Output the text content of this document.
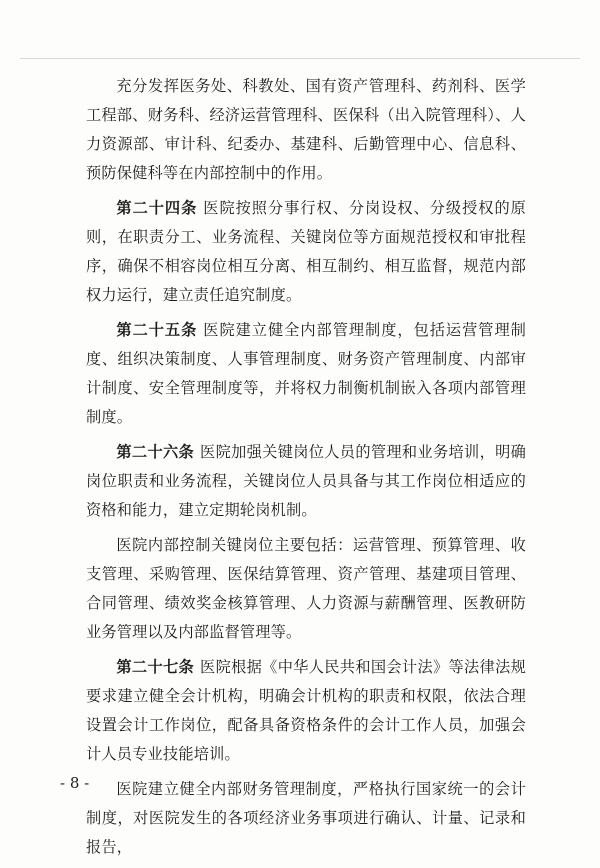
充分发挥医务处、科教处、国有资产管理科、药剂科、医学工程部、财务科、经济运营管理科、医保科（出入院管理科）、人力资源部、审计科、纪委办、基建科、后勤管理中心、信息科、预防保健科等在内部控制中的作用。

第二十四条 医院按照分事行权、分岗设权、分级授权的原则，在职责分工、业务流程、关键岗位等方面规范授权和审批程序，确保不相容岗位相互分离、相互制约、相互监督，规范内部权力运行，建立责任追究制度。

第二十五条 医院建立健全内部管理制度，包括运营管理制度、组织决策制度、人事管理制度、财务资产管理制度、内部审计制度、安全管理制度等，并将权力制衡机制嵌入各项内部管理制度。

第二十六条 医院加强关键岗位人员的管理和业务培训，明确岗位职责和业务流程，关键岗位人员具备与其工作岗位相适应的资格和能力，建立定期轮岗机制。

医院内部控制关键岗位主要包括：运营管理、预算管理、收支管理、采购管理、医保结算管理、资产管理、基建项目管理、合同管理、绩效奖金核算管理、人力资源与薪酬管理、医教研防业务管理以及内部监督管理等。

第二十七条 医院根据《中华人民共和国会计法》等法律法规要求建立健全会计机构，明确会计机构的职责和权限，依法合理设置会计工作岗位，配备具备资格条件的会计工作人员，加强会计人员专业技能培训。

医院建立健全内部财务管理制度，严格执行国家统一的会计制度，对医院发生的各项经济业务事项进行确认、计量、记录和报告，

- 8 -
